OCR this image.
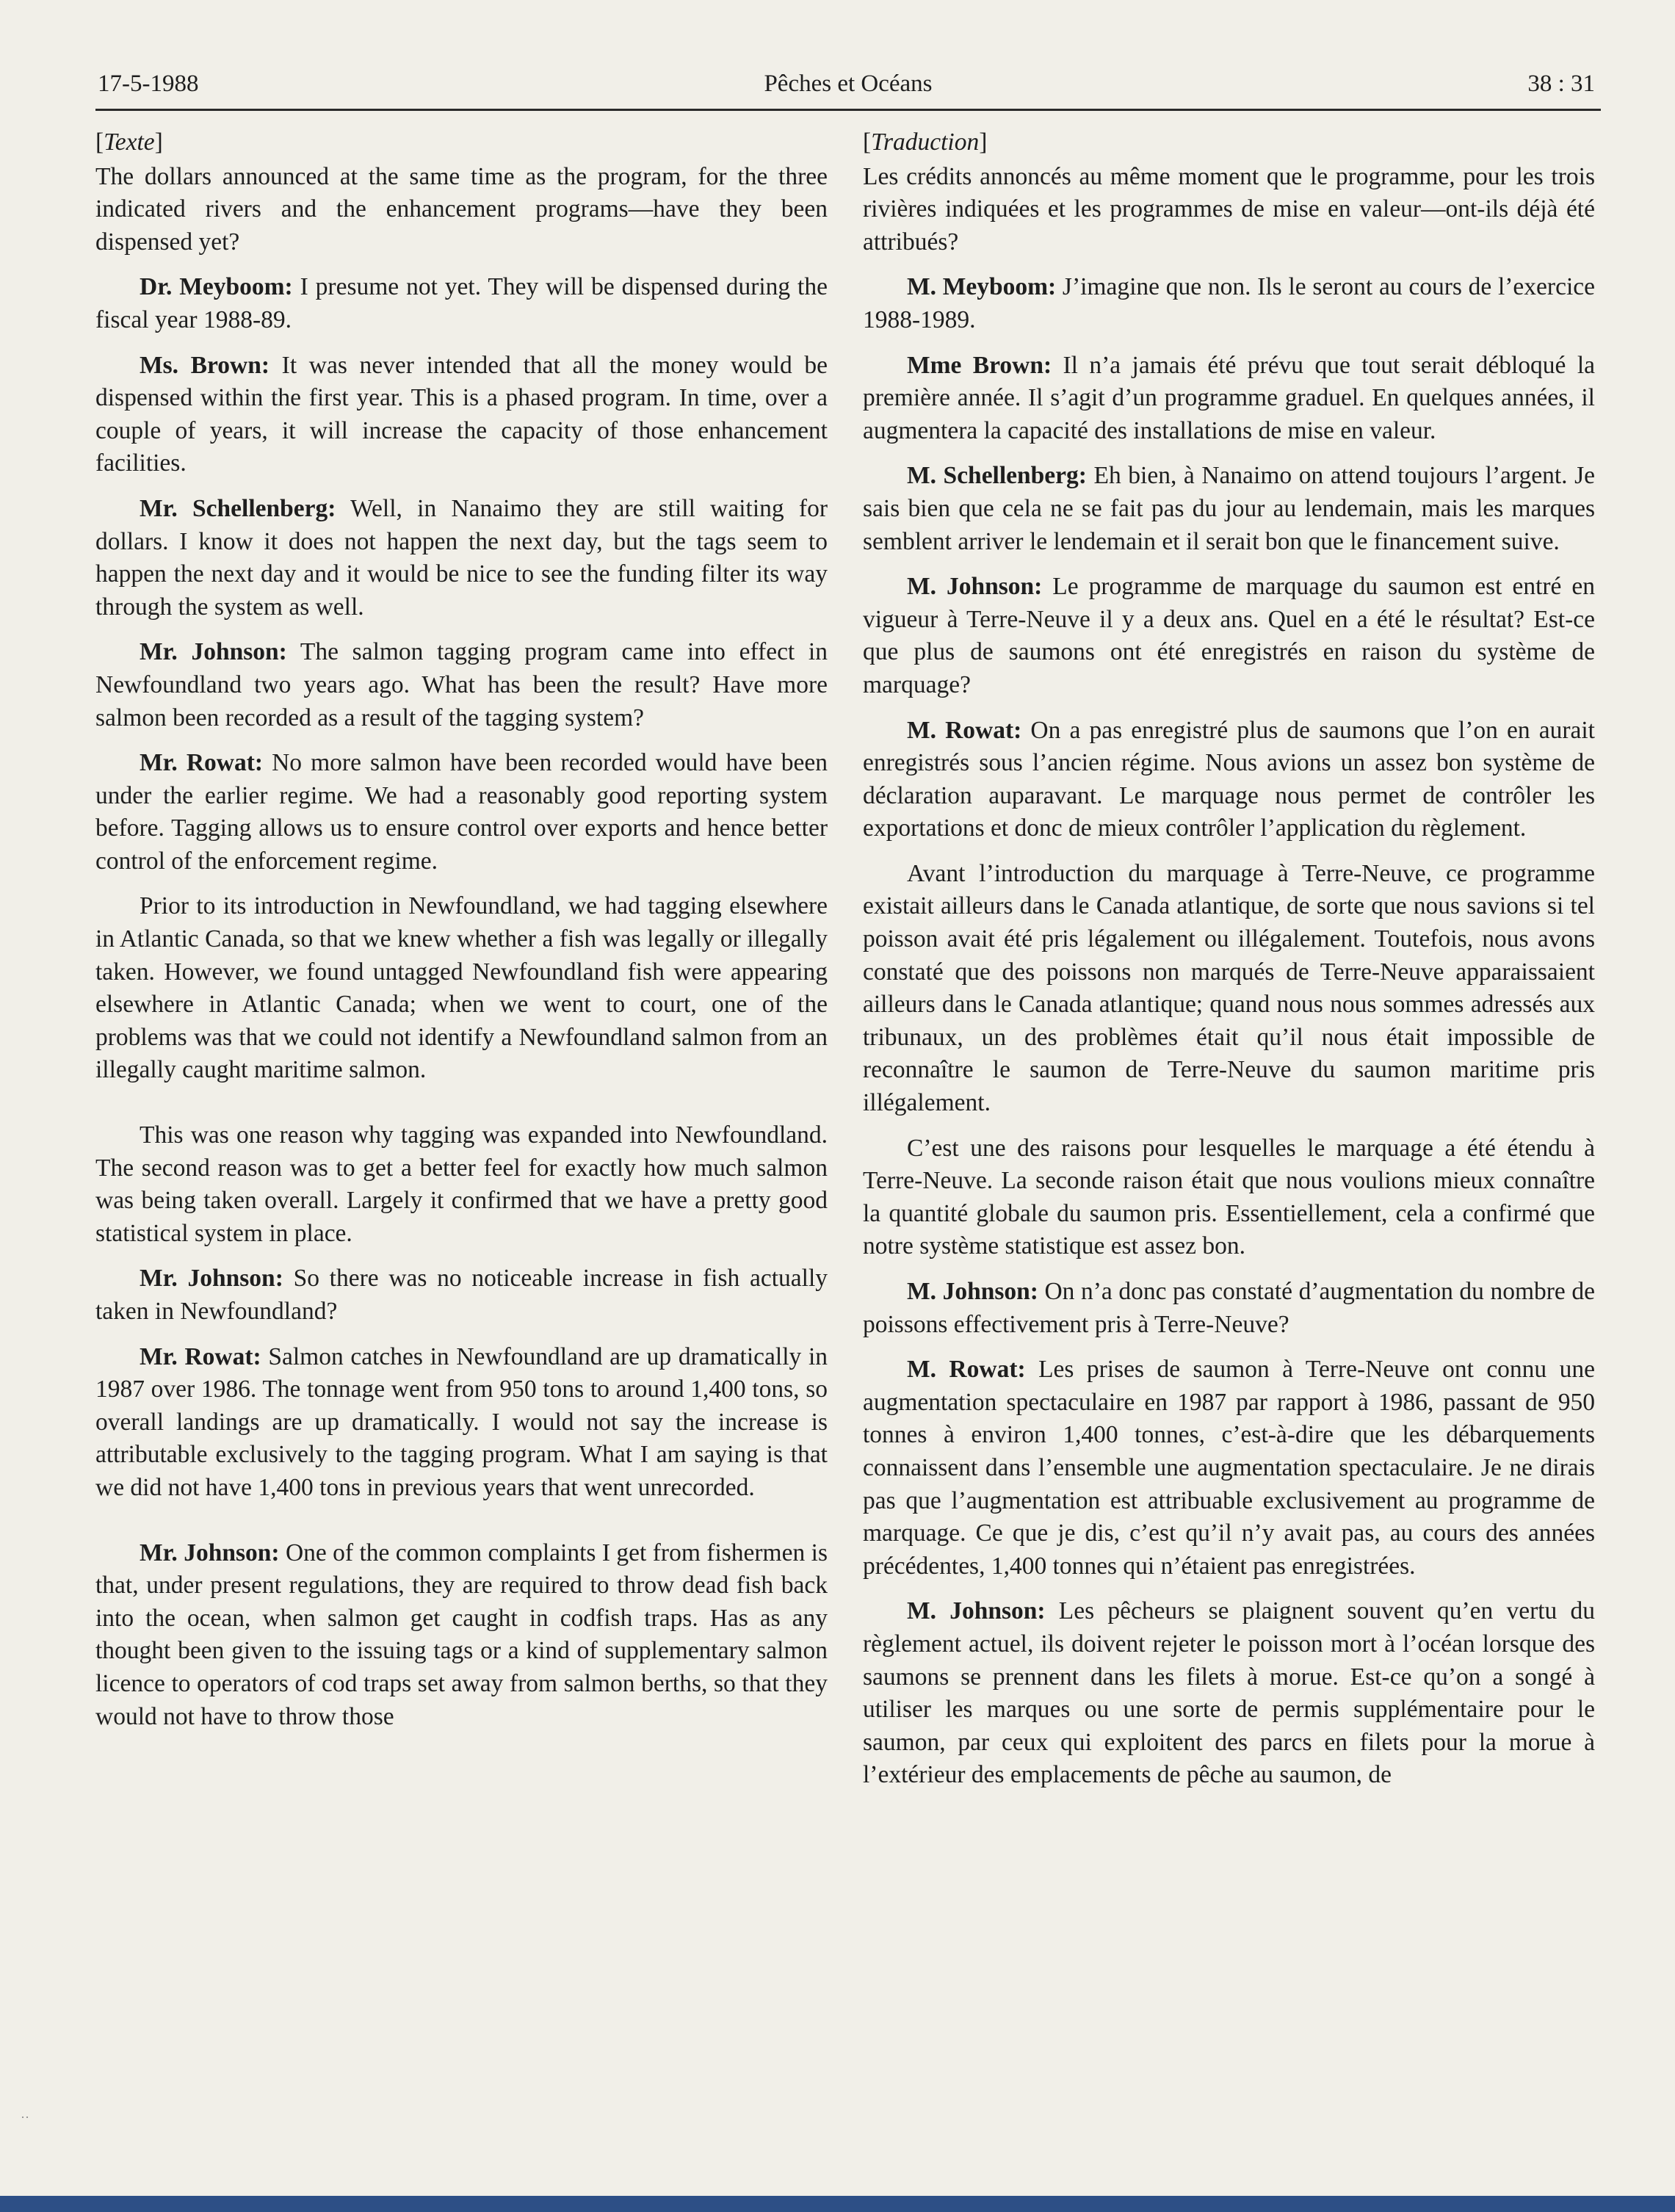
17-5-1988	Pêches et Océans	38 : 31

[Texte]

The dollars announced at the same time as the program, for the three indicated rivers and the enhancement programs—have they been dispensed yet?

Dr. Meyboom: I presume not yet. They will be dispensed during the fiscal year 1988-89.

Ms. Brown: It was never intended that all the money would be dispensed within the first year. This is a phased program. In time, over a couple of years, it will increase the capacity of those enhancement facilities.

Mr. Schellenberg: Well, in Nanaimo they are still waiting for dollars. I know it does not happen the next day, but the tags seem to happen the next day and it would be nice to see the funding filter its way through the system as well.

Mr. Johnson: The salmon tagging program came into effect in Newfoundland two years ago. What has been the result? Have more salmon been recorded as a result of the tagging system?

Mr. Rowat: No more salmon have been recorded would have been under the earlier regime. We had a reasonably good reporting system before. Tagging allows us to ensure control over exports and hence better control of the enforcement regime.

Prior to its introduction in Newfoundland, we had tagging elsewhere in Atlantic Canada, so that we knew whether a fish was legally or illegally taken. However, we found untagged Newfoundland fish were appearing elsewhere in Atlantic Canada; when we went to court, one of the problems was that we could not identify a Newfoundland salmon from an illegally caught maritime salmon.

This was one reason why tagging was expanded into Newfoundland. The second reason was to get a better feel for exactly how much salmon was being taken overall. Largely it confirmed that we have a pretty good statistical system in place.

Mr. Johnson: So there was no noticeable increase in fish actually taken in Newfoundland?

Mr. Rowat: Salmon catches in Newfoundland are up dramatically in 1987 over 1986. The tonnage went from 950 tons to around 1,400 tons, so overall landings are up dramatically. I would not say the increase is attributable exclusively to the tagging program. What I am saying is that we did not have 1,400 tons in previous years that went unrecorded.

Mr. Johnson: One of the common complaints I get from fishermen is that, under present regulations, they are required to throw dead fish back into the ocean, when salmon get caught in codfish traps. Has as any thought been given to the issuing tags or a kind of supplementary salmon licence to operators of cod traps set away from salmon berths, so that they would not have to throw those

[Traduction]

Les crédits annoncés au même moment que le programme, pour les trois rivières indiquées et les programmes de mise en valeur—ont-ils déjà été attribués?

M. Meyboom: J’imagine que non. Ils le seront au cours de l’exercice 1988-1989.

Mme Brown: Il n’a jamais été prévu que tout serait débloqué la première année. Il s’agit d’un programme graduel. En quelques années, il augmentera la capacité des installations de mise en valeur.

M. Schellenberg: Eh bien, à Nanaimo on attend toujours l’argent. Je sais bien que cela ne se fait pas du jour au lendemain, mais les marques semblent arriver le lendemain et il serait bon que le financement suive.

M. Johnson: Le programme de marquage du saumon est entré en vigueur à Terre-Neuve il y a deux ans. Quel en a été le résultat? Est-ce que plus de saumons ont été enregistrés en raison du système de marquage?

M. Rowat: On a pas enregistré plus de saumons que l’on en aurait enregistrés sous l’ancien régime. Nous avions un assez bon système de déclaration auparavant. Le marquage nous permet de contrôler les exportations et donc de mieux contrôler l’application du règlement.

Avant l’introduction du marquage à Terre-Neuve, ce programme existait ailleurs dans le Canada atlantique, de sorte que nous savions si tel poisson avait été pris légalement ou illégalement. Toutefois, nous avons constaté que des poissons non marqués de Terre-Neuve apparaissaient ailleurs dans le Canada atlantique; quand nous nous sommes adressés aux tribunaux, un des problèmes était qu’il nous était impossible de reconnaître le saumon de Terre-Neuve du saumon maritime pris illégalement.

C’est une des raisons pour lesquelles le marquage a été étendu à Terre-Neuve. La seconde raison était que nous voulions mieux connaître la quantité globale du saumon pris. Essentiellement, cela a confirmé que notre système statistique est assez bon.

M. Johnson: On n’a donc pas constaté d’augmentation du nombre de poissons effectivement pris à Terre-Neuve?

M. Rowat: Les prises de saumon à Terre-Neuve ont connu une augmentation spectaculaire en 1987 par rapport à 1986, passant de 950 tonnes à environ 1,400 tonnes, c’est-à-dire que les débarquements connaissent dans l’ensemble une augmentation spectaculaire. Je ne dirais pas que l’augmentation est attribuable exclusivement au programme de marquage. Ce que je dis, c’est qu’il n’y avait pas, au cours des années précédentes, 1,400 tonnes qui n’étaient pas enregistrées.

M. Johnson: Les pêcheurs se plaignent souvent qu’en vertu du règlement actuel, ils doivent rejeter le poisson mort à l’océan lorsque des saumons se prennent dans les filets à morue. Est-ce qu’on a songé à utiliser les marques ou une sorte de permis supplémentaire pour le saumon, par ceux qui exploitent des parcs en filets pour la morue à l’extérieur des emplacements de pêche au saumon, de

··
